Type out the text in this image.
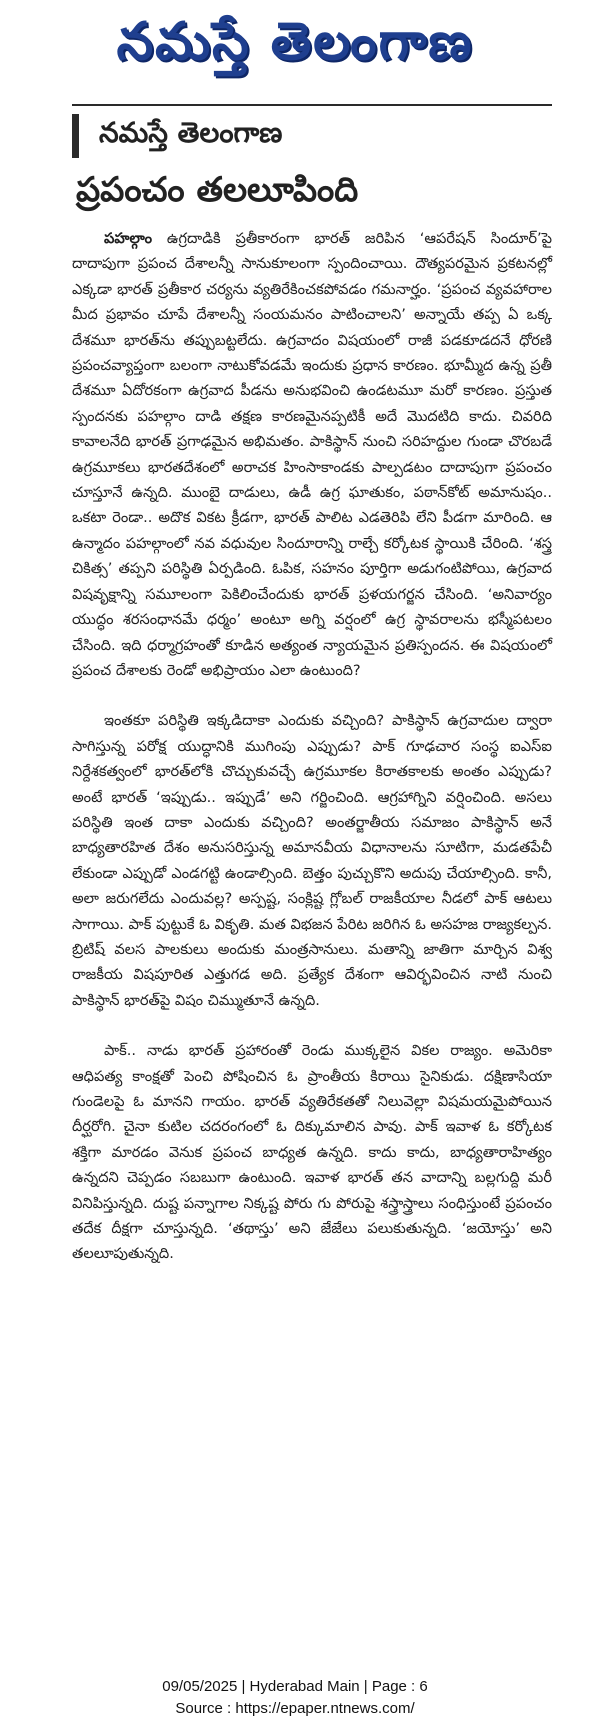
నమస్తే తెలంగాణ
నమస్తే తెలంగాణ
ప్రపంచం తలలూపింది

పహల్గాం ఉగ్రదాడికి ప్రతీకారంగా భారత్ జరిపిన ‘ఆపరేషన్ సిందూర్’పై దాదాపుగా ప్రపంచ దేశాలన్నీ సానుకూలంగా స్పందించాయి. దౌత్యపరమైన ప్రకటనల్లో ఎక్కడా భారత్ ప్రతీకార చర్యను వ్యతిరేకించకపోవడం గమనార్హం. ‘ప్రపంచ వ్యవహారాల మీద ప్రభావం చూపే దేశాలన్నీ సంయమనం పాటించాలని’ అన్నాయే తప్ప ఏ ఒక్క దేశమూ భారత్‌ను తప్పుబట్టలేదు. ఉగ్రవాదం విషయంలో రాజీ పడకూడదనే ధోరణి ప్రపంచవ్యాప్తంగా బలంగా నాటుకోవడమే ఇందుకు ప్రధాన కారణం. భూమ్మీద ఉన్న ప్రతీ దేశమూ ఏదోరకంగా ఉగ్రవాద పీడను అనుభవించి ఉండటమూ మరో కారణం. ప్రస్తుత స్పందనకు పహల్గాం దాడి తక్షణ కారణమైనప్పటికీ అదే మొదటిది కాదు. చివరిది కావాలనేది భారత్ ప్రగాఢమైన అభిమతం. పాకిస్థాన్ నుంచి సరిహద్దుల గుండా చొరబడే ఉగ్రమూకలు భారతదేశంలో అరాచక హింసాకాండకు పాల్పడటం దాదాపుగా ప్రపంచం చూస్తూనే ఉన్నది. ముంబై దాడులు, ఉడీ ఉగ్ర ఘాతుకం, పఠాన్‌కోట్ అమానుషం.. ఒకటా రెండా.. అదొక వికట క్రీడగా, భారత్ పాలిట ఎడతెరిపి లేని పీడగా మారింది. ఆ ఉన్మాదం పహల్గాంలో నవ వధువుల సిందూరాన్ని రాల్చే కర్కోటక స్థాయికి చేరింది. ‘శస్త్ర చికిత్స’ తప్పని పరిస్థితి ఏర్పడింది. ఓపిక, సహనం పూర్తిగా అడుగంటిపోయి, ఉగ్రవాద విషవృక్షాన్ని సమూలంగా పెకిలించేందుకు భారత్ ప్రళయగర్జన చేసింది. ‘అనివార్యం యుద్ధం శరసంధానమే ధర్మం’ అంటూ అగ్ని వర్షంలో ఉగ్ర స్థావరాలను భస్మీపటలం చేసింది. ఇది ధర్మాగ్రహంతో కూడిన అత్యంత న్యాయమైన ప్రతిస్పందన. ఈ విషయంలో ప్రపంచ దేశాలకు రెండో అభిప్రాయం ఎలా ఉంటుంది?

ఇంతకూ పరిస్థితి ఇక్కడిదాకా ఎందుకు వచ్చింది? పాకిస్థాన్ ఉగ్రవాదుల ద్వారా సాగిస్తున్న పరోక్ష యుద్ధానికి ముగింపు ఎప్పుడు? పాక్ గూఢచార సంస్థ ఐఎస్ఐ నిర్దేశకత్వంలో భారత్‌లోకి చొచ్చుకువచ్చే ఉగ్రమూకల కిరాతకాలకు అంతం ఎప్పుడు? అంటే భారత్ ‘ఇప్పుడు.. ఇప్పుడే’ అని గర్జించింది. ఆగ్రహాగ్నిని వర్షించింది. అసలు పరిస్థితి ఇంత దాకా ఎందుకు వచ్చింది? అంతర్జాతీయ సమాజం పాకిస్థాన్ అనే బాధ్యతారహిత దేశం అనుసరిస్తున్న అమానవీయ విధానాలను సూటిగా, మడతపేచీ లేకుండా ఎప్పుడో ఎండగట్టి ఉండాల్సింది. బెత్తం పుచ్చుకొని అదుపు చేయాల్సింది. కానీ, అలా జరుగలేదు ఎందువల్ల? అస్పష్ట, సంక్లిష్ట గ్లోబల్ రాజకీయాల నీడలో పాక్ ఆటలు సాగాయి. పాక్ పుట్టుకే ఓ వికృతి. మత విభజన పేరిట జరిగిన ఓ అసహజ రాజ్యకల్పన. బ్రిటిష్ వలస పాలకులు అందుకు మంత్రసానులు. మతాన్ని జాతిగా మార్చిన విశ్వ రాజకీయ విషపూరిత ఎత్తుగడ అది. ప్రత్యేక దేశంగా ఆవిర్భవించిన నాటి నుంచి పాకిస్థాన్ భారత్‌పై విషం చిమ్ముతూనే ఉన్నది.

పాక్.. నాడు భారత్ ప్రహారంతో రెండు ముక్కలైన వికల రాజ్యం. అమెరికా ఆధిపత్య కాంక్షతో పెంచి పోషించిన ఓ ప్రాంతీయ కిరాయి సైనికుడు. దక్షిణాసియా గుండెలపై ఓ మానని గాయం. భారత్ వ్యతిరేకతతో నిలువెల్లా విషమయమైపోయిన దీర్ఘరోగి. చైనా కుటిల చదరంగంలో ఓ దిక్కుమాలిన పావు. పాక్ ఇవాళ ఓ కర్కోటక శక్తిగా మారడం వెనుక ప్రపంచ బాధ్యత ఉన్నది. కాదు కాదు, బాధ్యతారాహిత్యం ఉన్నదని చెప్పడం సబబుగా ఉంటుంది. ఇవాళ భారత్ తన వాదాన్ని బల్లగుద్ది మరీ వినిపిస్తున్నది. దుష్ట పన్నాగాల నిక్కష్ట పోరు గు పోరుపై శస్త్రాస్త్రాలు సంధిస్తుంటే ప్రపంచం తదేక దీక్షగా చూస్తున్నది. ‘తథాస్తు’ అని జేజేలు పలుకుతున్నది. ‘జయోస్తు’ అని తలలూపుతున్నది.

09/05/2025 | Hyderabad Main | Page : 6
Source : https://epaper.ntnews.com/
